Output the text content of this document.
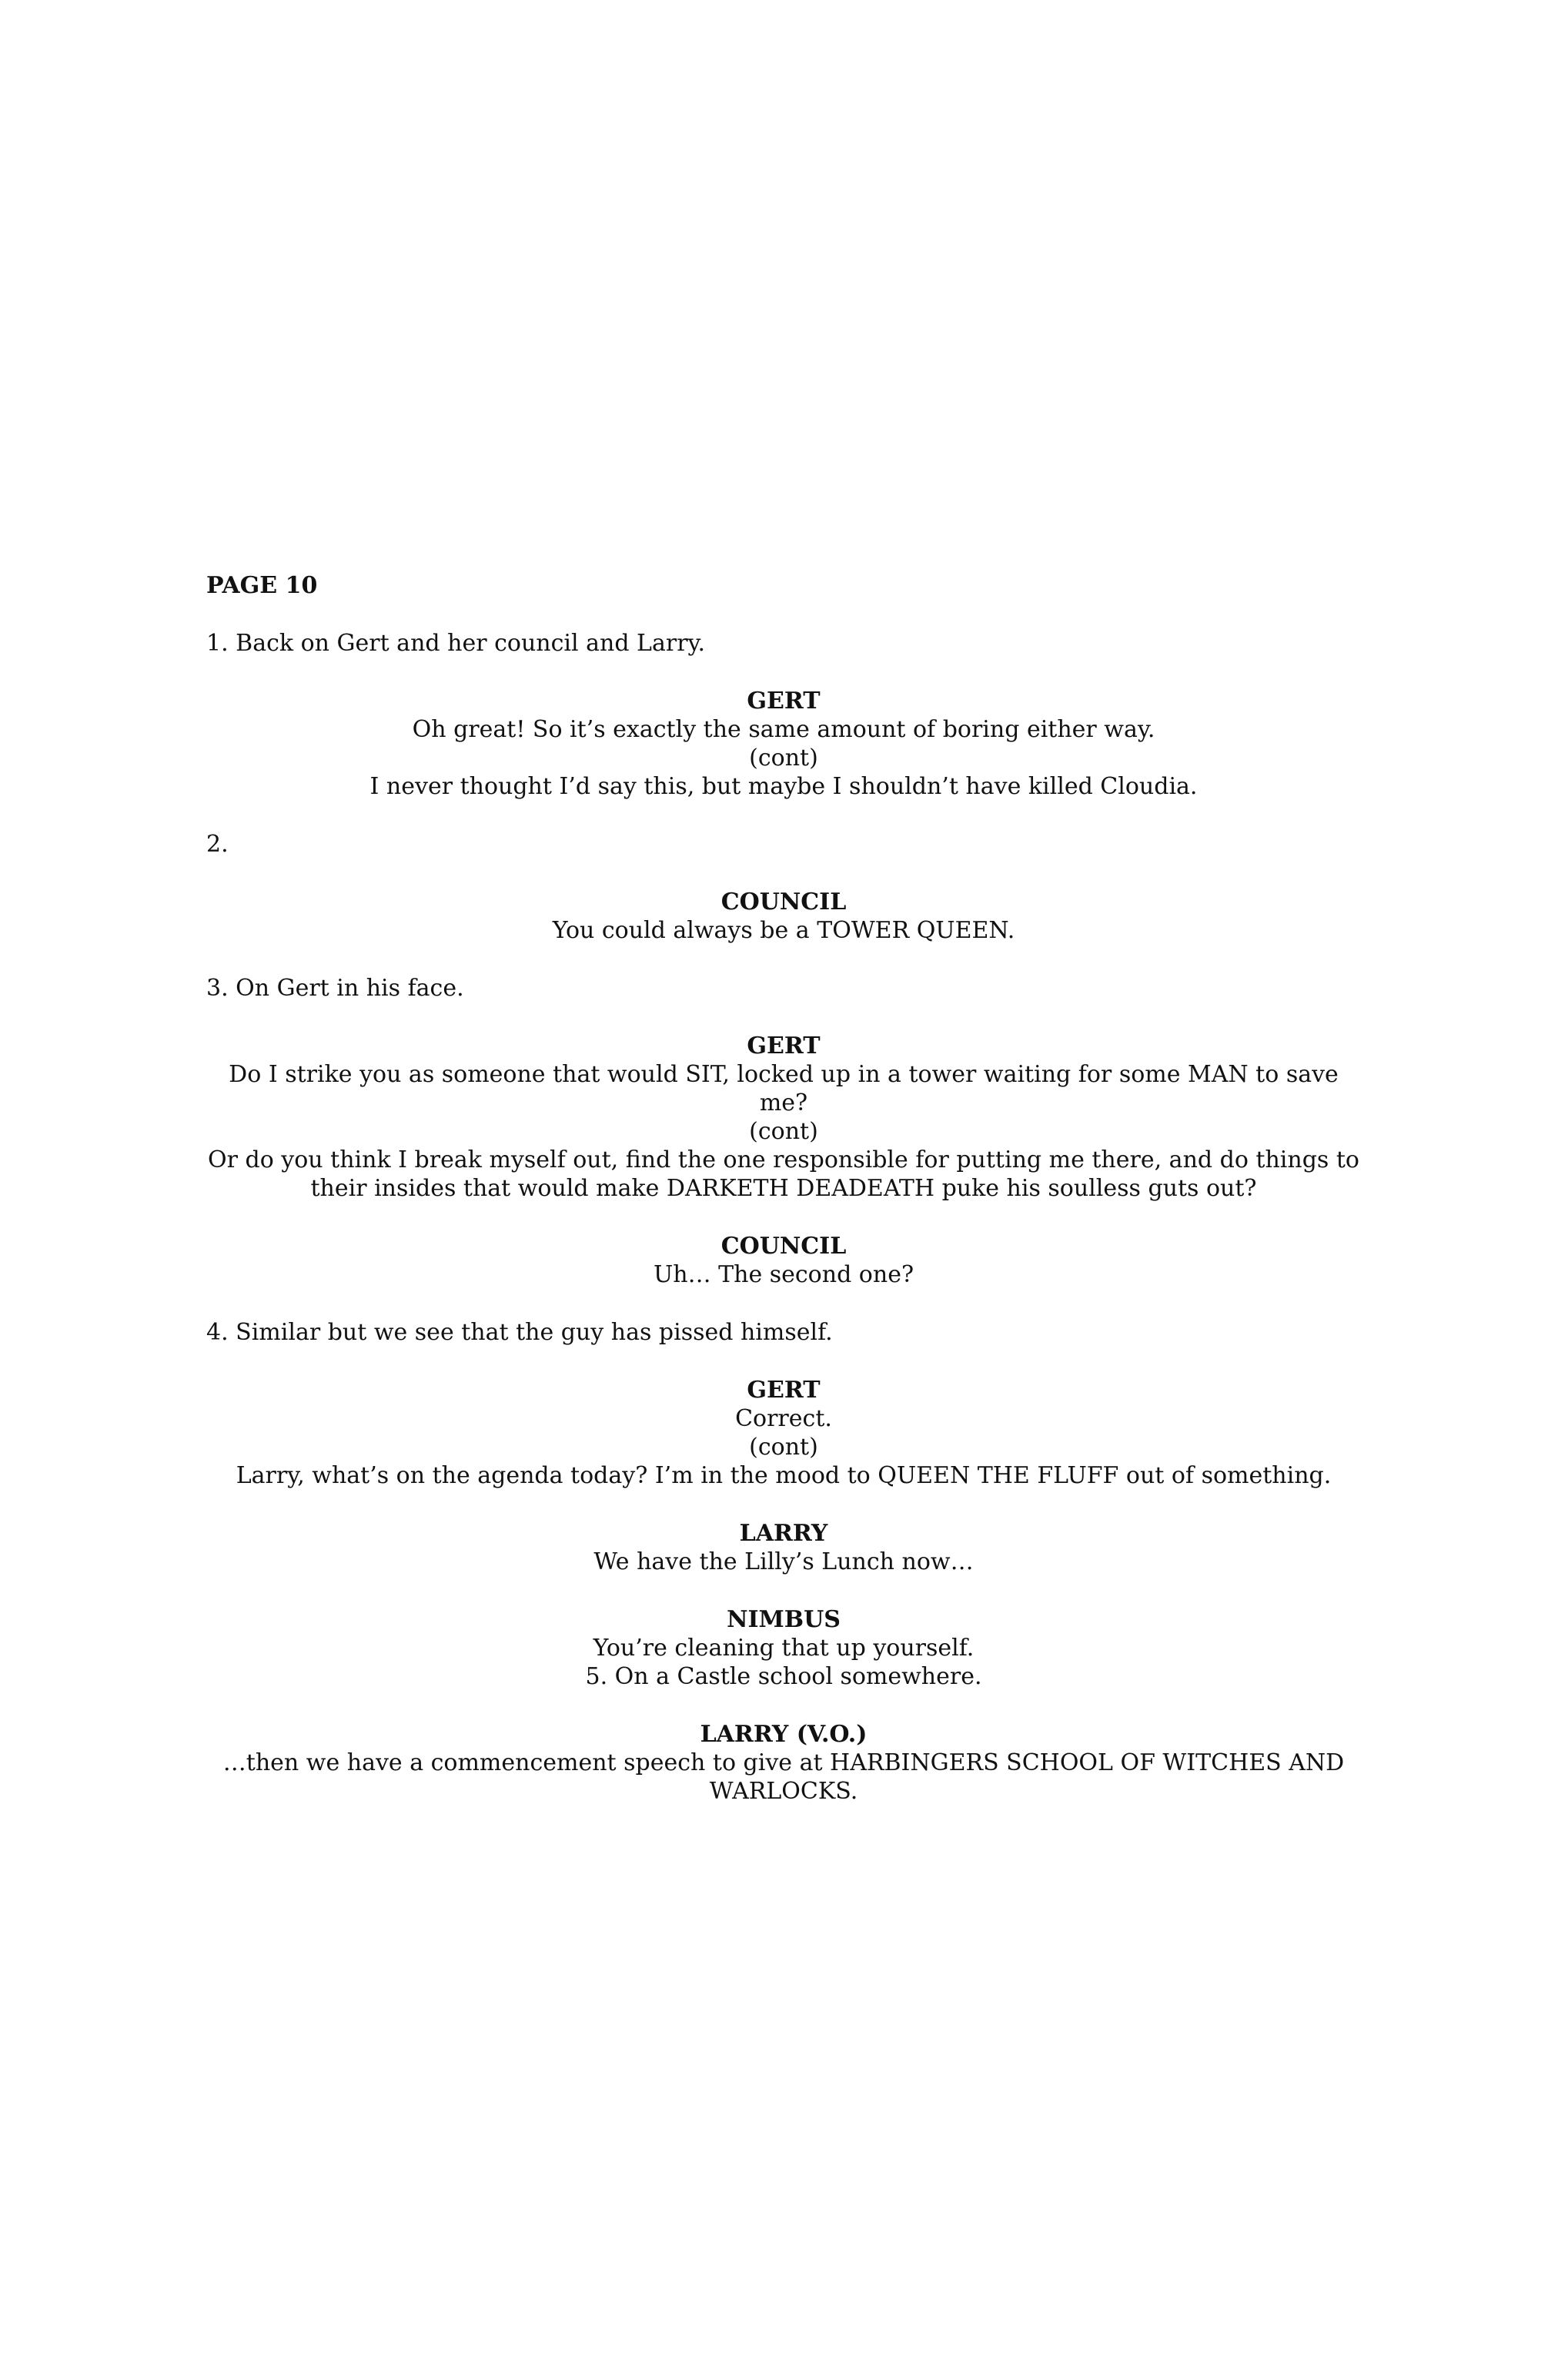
PAGE 10
1. Back on Gert and her council and Larry.
GERT
Oh great! So it’s exactly the same amount of boring either way.
(cont)
I never thought I’d say this, but maybe I shouldn’t have killed Cloudia.
2.
COUNCIL
You could always be a TOWER QUEEN.
3. On Gert in his face.
GERT
Do I strike you as someone that would SIT, locked up in a tower waiting for some MAN to save me?
(cont)
Or do you think I break myself out, find the one responsible for putting me there, and do things to
their insides that would make DARKETH DEADEATH puke his soulless guts out?
COUNCIL
Uh… The second one?
4. Similar but we see that the guy has pissed himself.
GERT
Correct.
(cont)
Larry, what’s on the agenda today? I’m in the mood to QUEEN THE FLUFF out of something.
LARRY
We have the Lilly’s Lunch now…
NIMBUS
You’re cleaning that up yourself.
5. On a Castle school somewhere.
LARRY (V.O.)
…then we have a commencement speech to give at HARBINGERS SCHOOL OF WITCHES AND
WARLOCKS.
